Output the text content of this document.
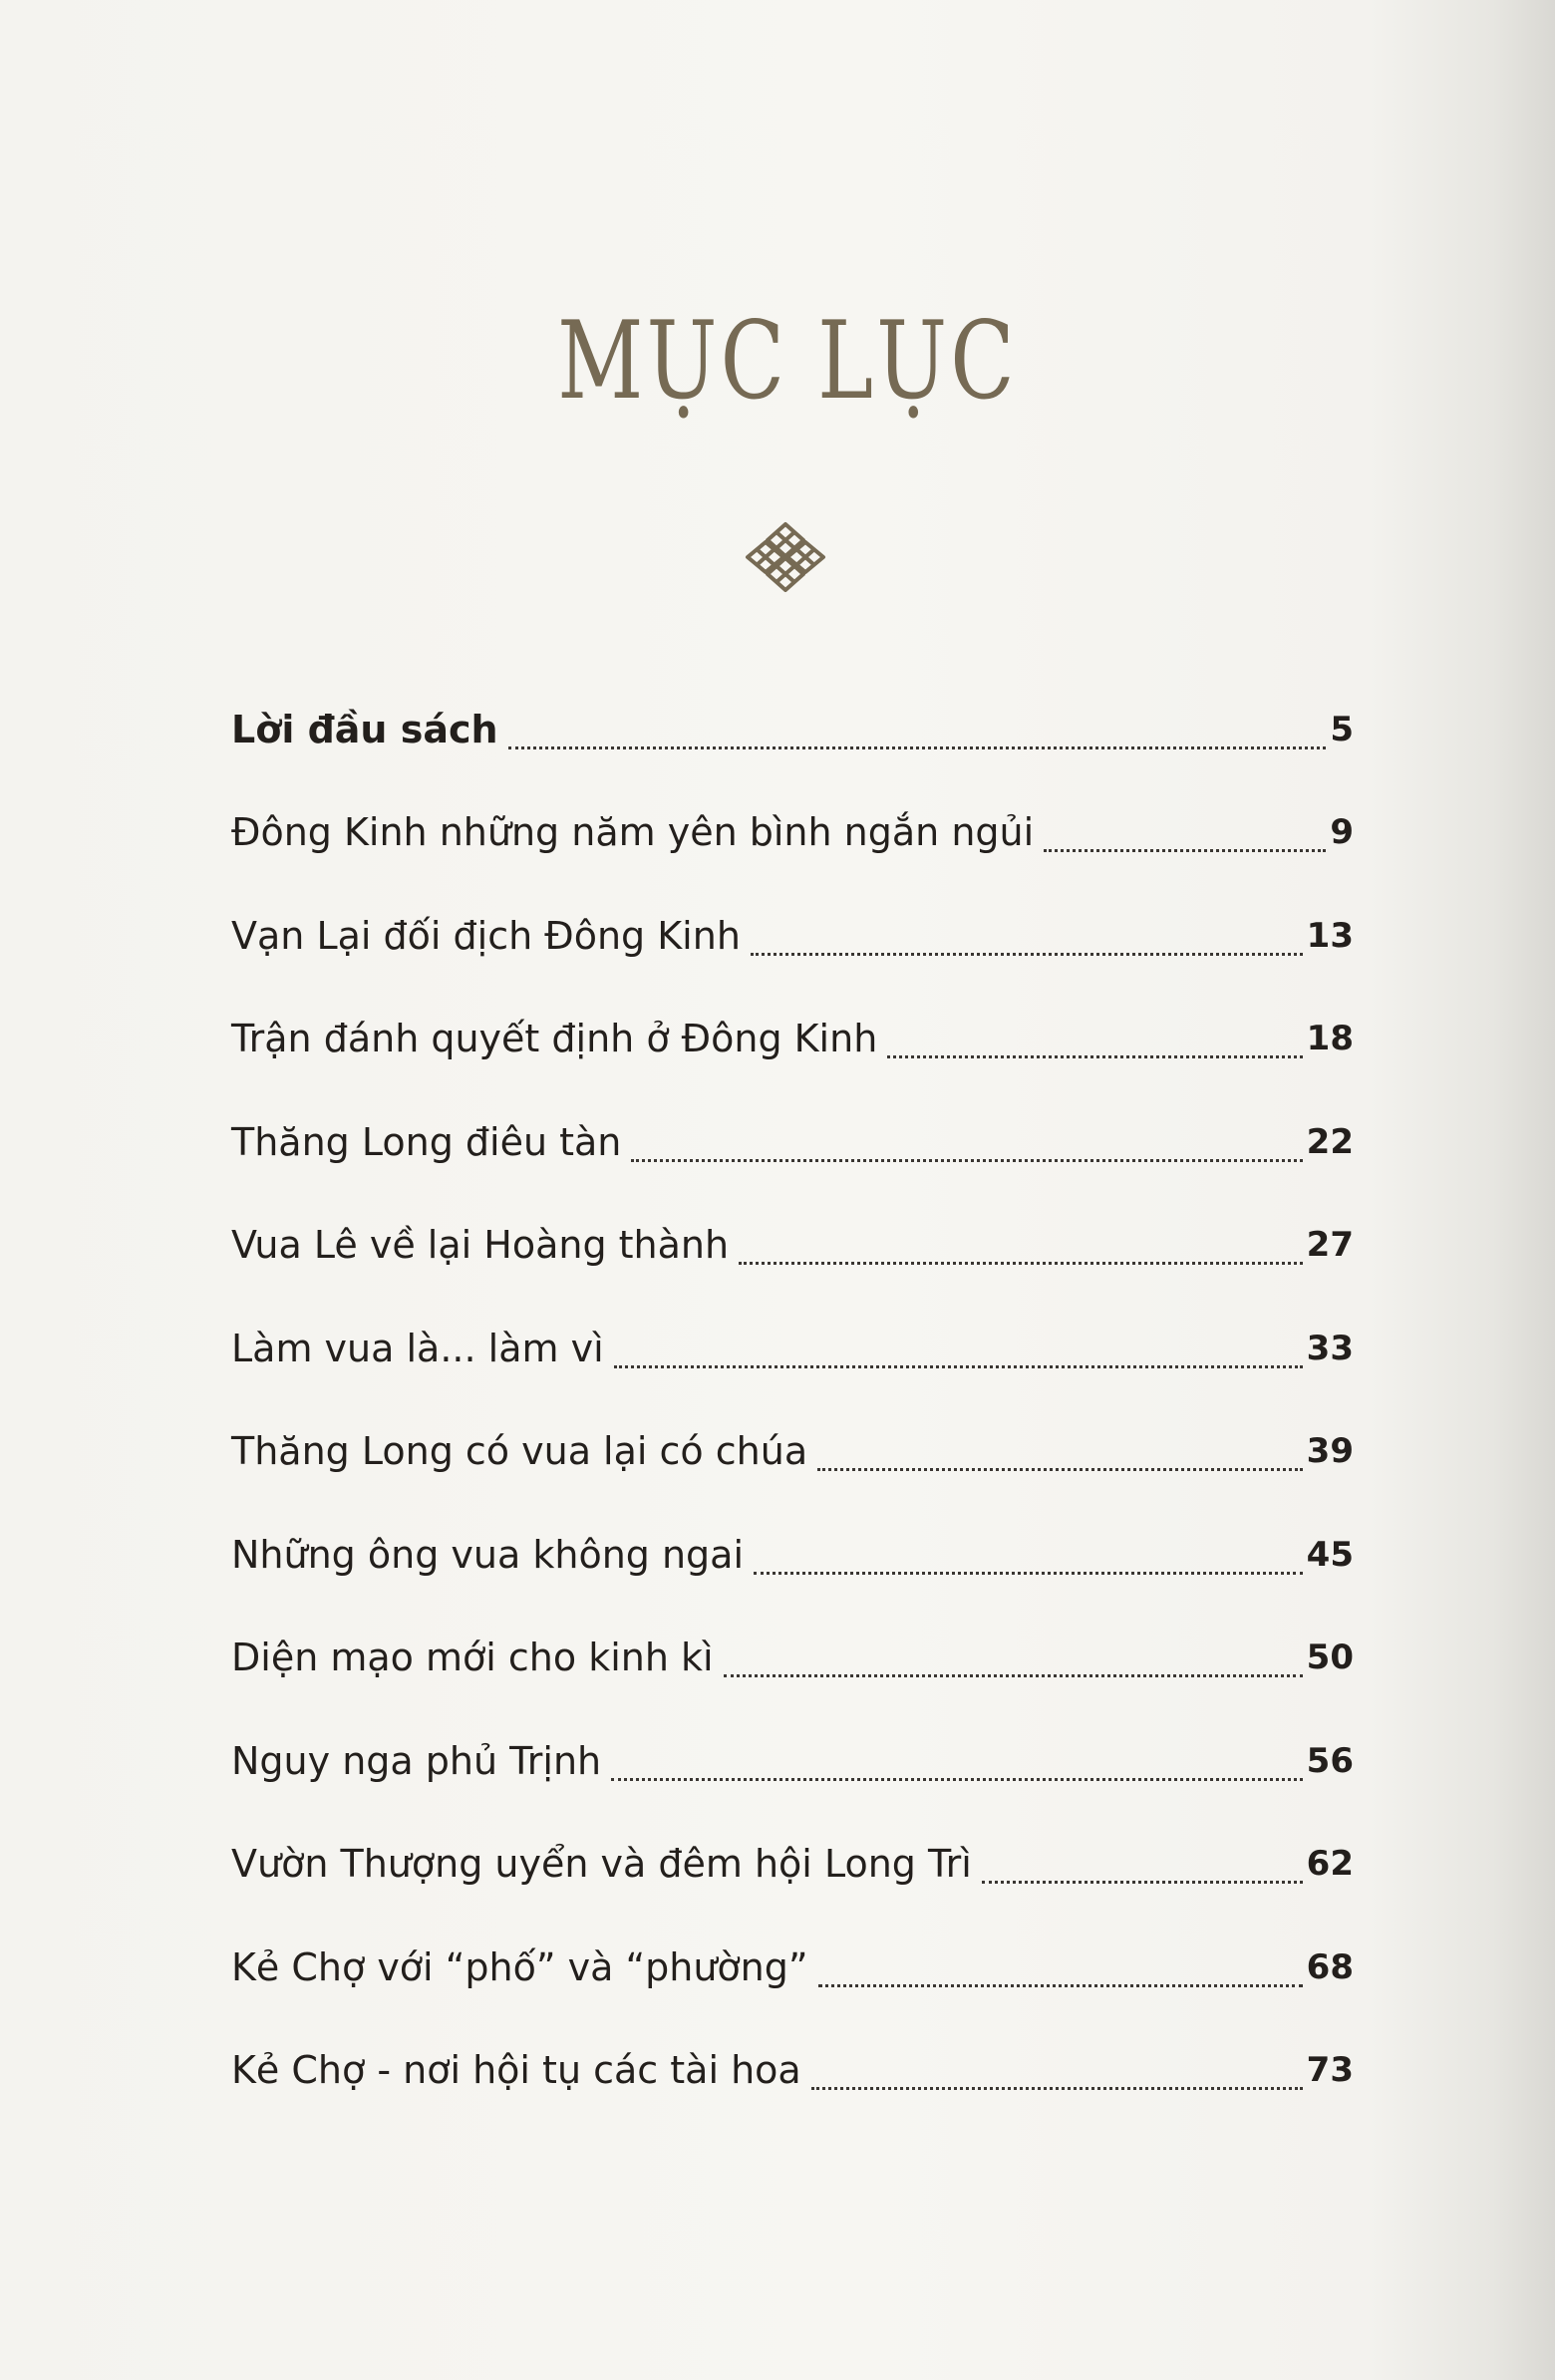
MỤC LỤC
Lời đầu sách	5
Đông Kinh những năm yên bình ngắn ngủi	9
Vạn Lại đối địch Đông Kinh	13
Trận đánh quyết định ở Đông Kinh	18
Thăng Long điêu tàn	22
Vua Lê về lại Hoàng thành	27
Làm vua là... làm vì	33
Thăng Long có vua lại có chúa	39
Những ông vua không ngai	45
Diện mạo mới cho kinh kì	50
Nguy nga phủ Trịnh	56
Vườn Thượng uyển và đêm hội Long Trì	62
Kẻ Chợ với “phố” và “phường”	68
Kẻ Chợ - nơi hội tụ các tài hoa	73
